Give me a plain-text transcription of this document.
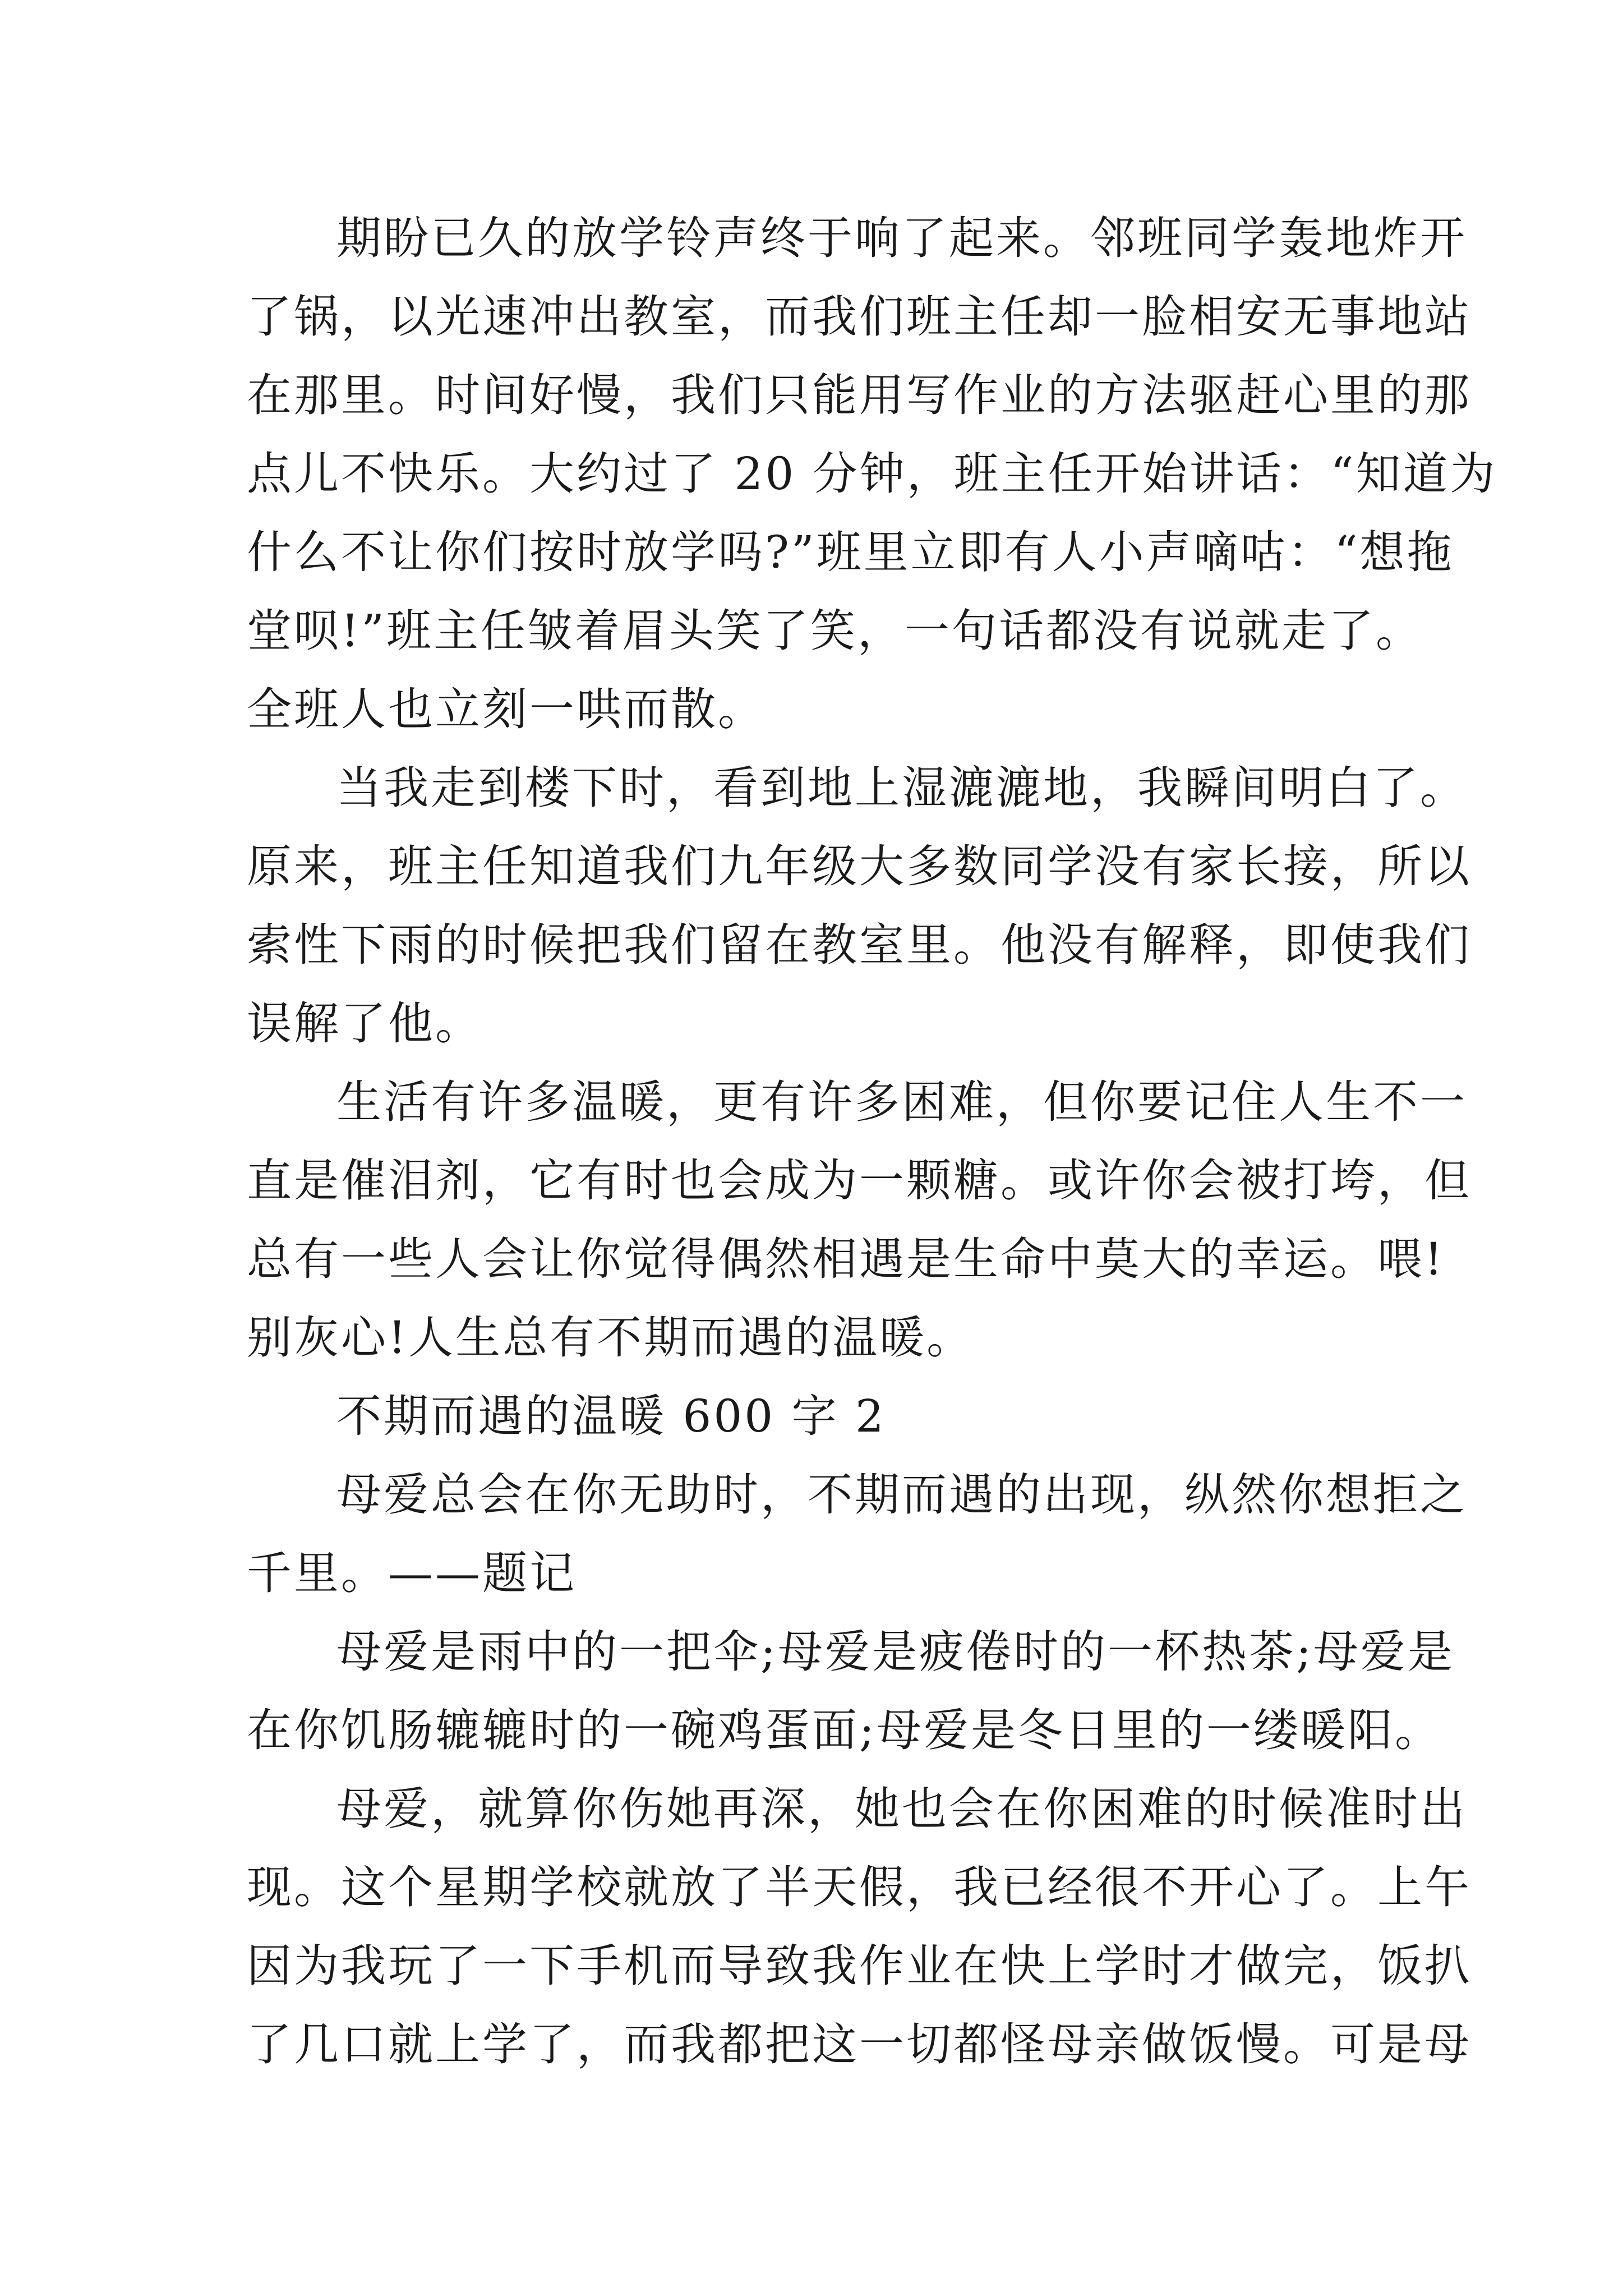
期盼已久的放学铃声终于响了起来。邻班同学轰地炸开
了锅，以光速冲出教室，而我们班主任却一脸相安无事地站
在那里。时间好慢，我们只能用写作业的方法驱赶心里的那
点儿不快乐。大约过了 20 分钟，班主任开始讲话：“知道为
什么不让你们按时放学吗?”班里立即有人小声嘀咕：“想拖
堂呗!”班主任皱着眉头笑了笑，一句话都没有说就走了。
全班人也立刻一哄而散。
当我走到楼下时，看到地上湿漉漉地，我瞬间明白了。
原来，班主任知道我们九年级大多数同学没有家长接，所以
索性下雨的时候把我们留在教室里。他没有解释，即使我们
误解了他。
生活有许多温暖，更有许多困难，但你要记住人生不一
直是催泪剂，它有时也会成为一颗糖。或许你会被打垮，但
总有一些人会让你觉得偶然相遇是生命中莫大的幸运。喂!
别灰心!人生总有不期而遇的温暖。
不期而遇的温暖 600 字 2
母爱总会在你无助时，不期而遇的出现，纵然你想拒之
千里。——题记
母爱是雨中的一把伞;母爱是疲倦时的一杯热茶;母爱是
在你饥肠辘辘时的一碗鸡蛋面;母爱是冬日里的一缕暖阳。
母爱，就算你伤她再深，她也会在你困难的时候准时出
现。这个星期学校就放了半天假，我已经很不开心了。上午
因为我玩了一下手机而导致我作业在快上学时才做完，饭扒
了几口就上学了，而我都把这一切都怪母亲做饭慢。可是母
